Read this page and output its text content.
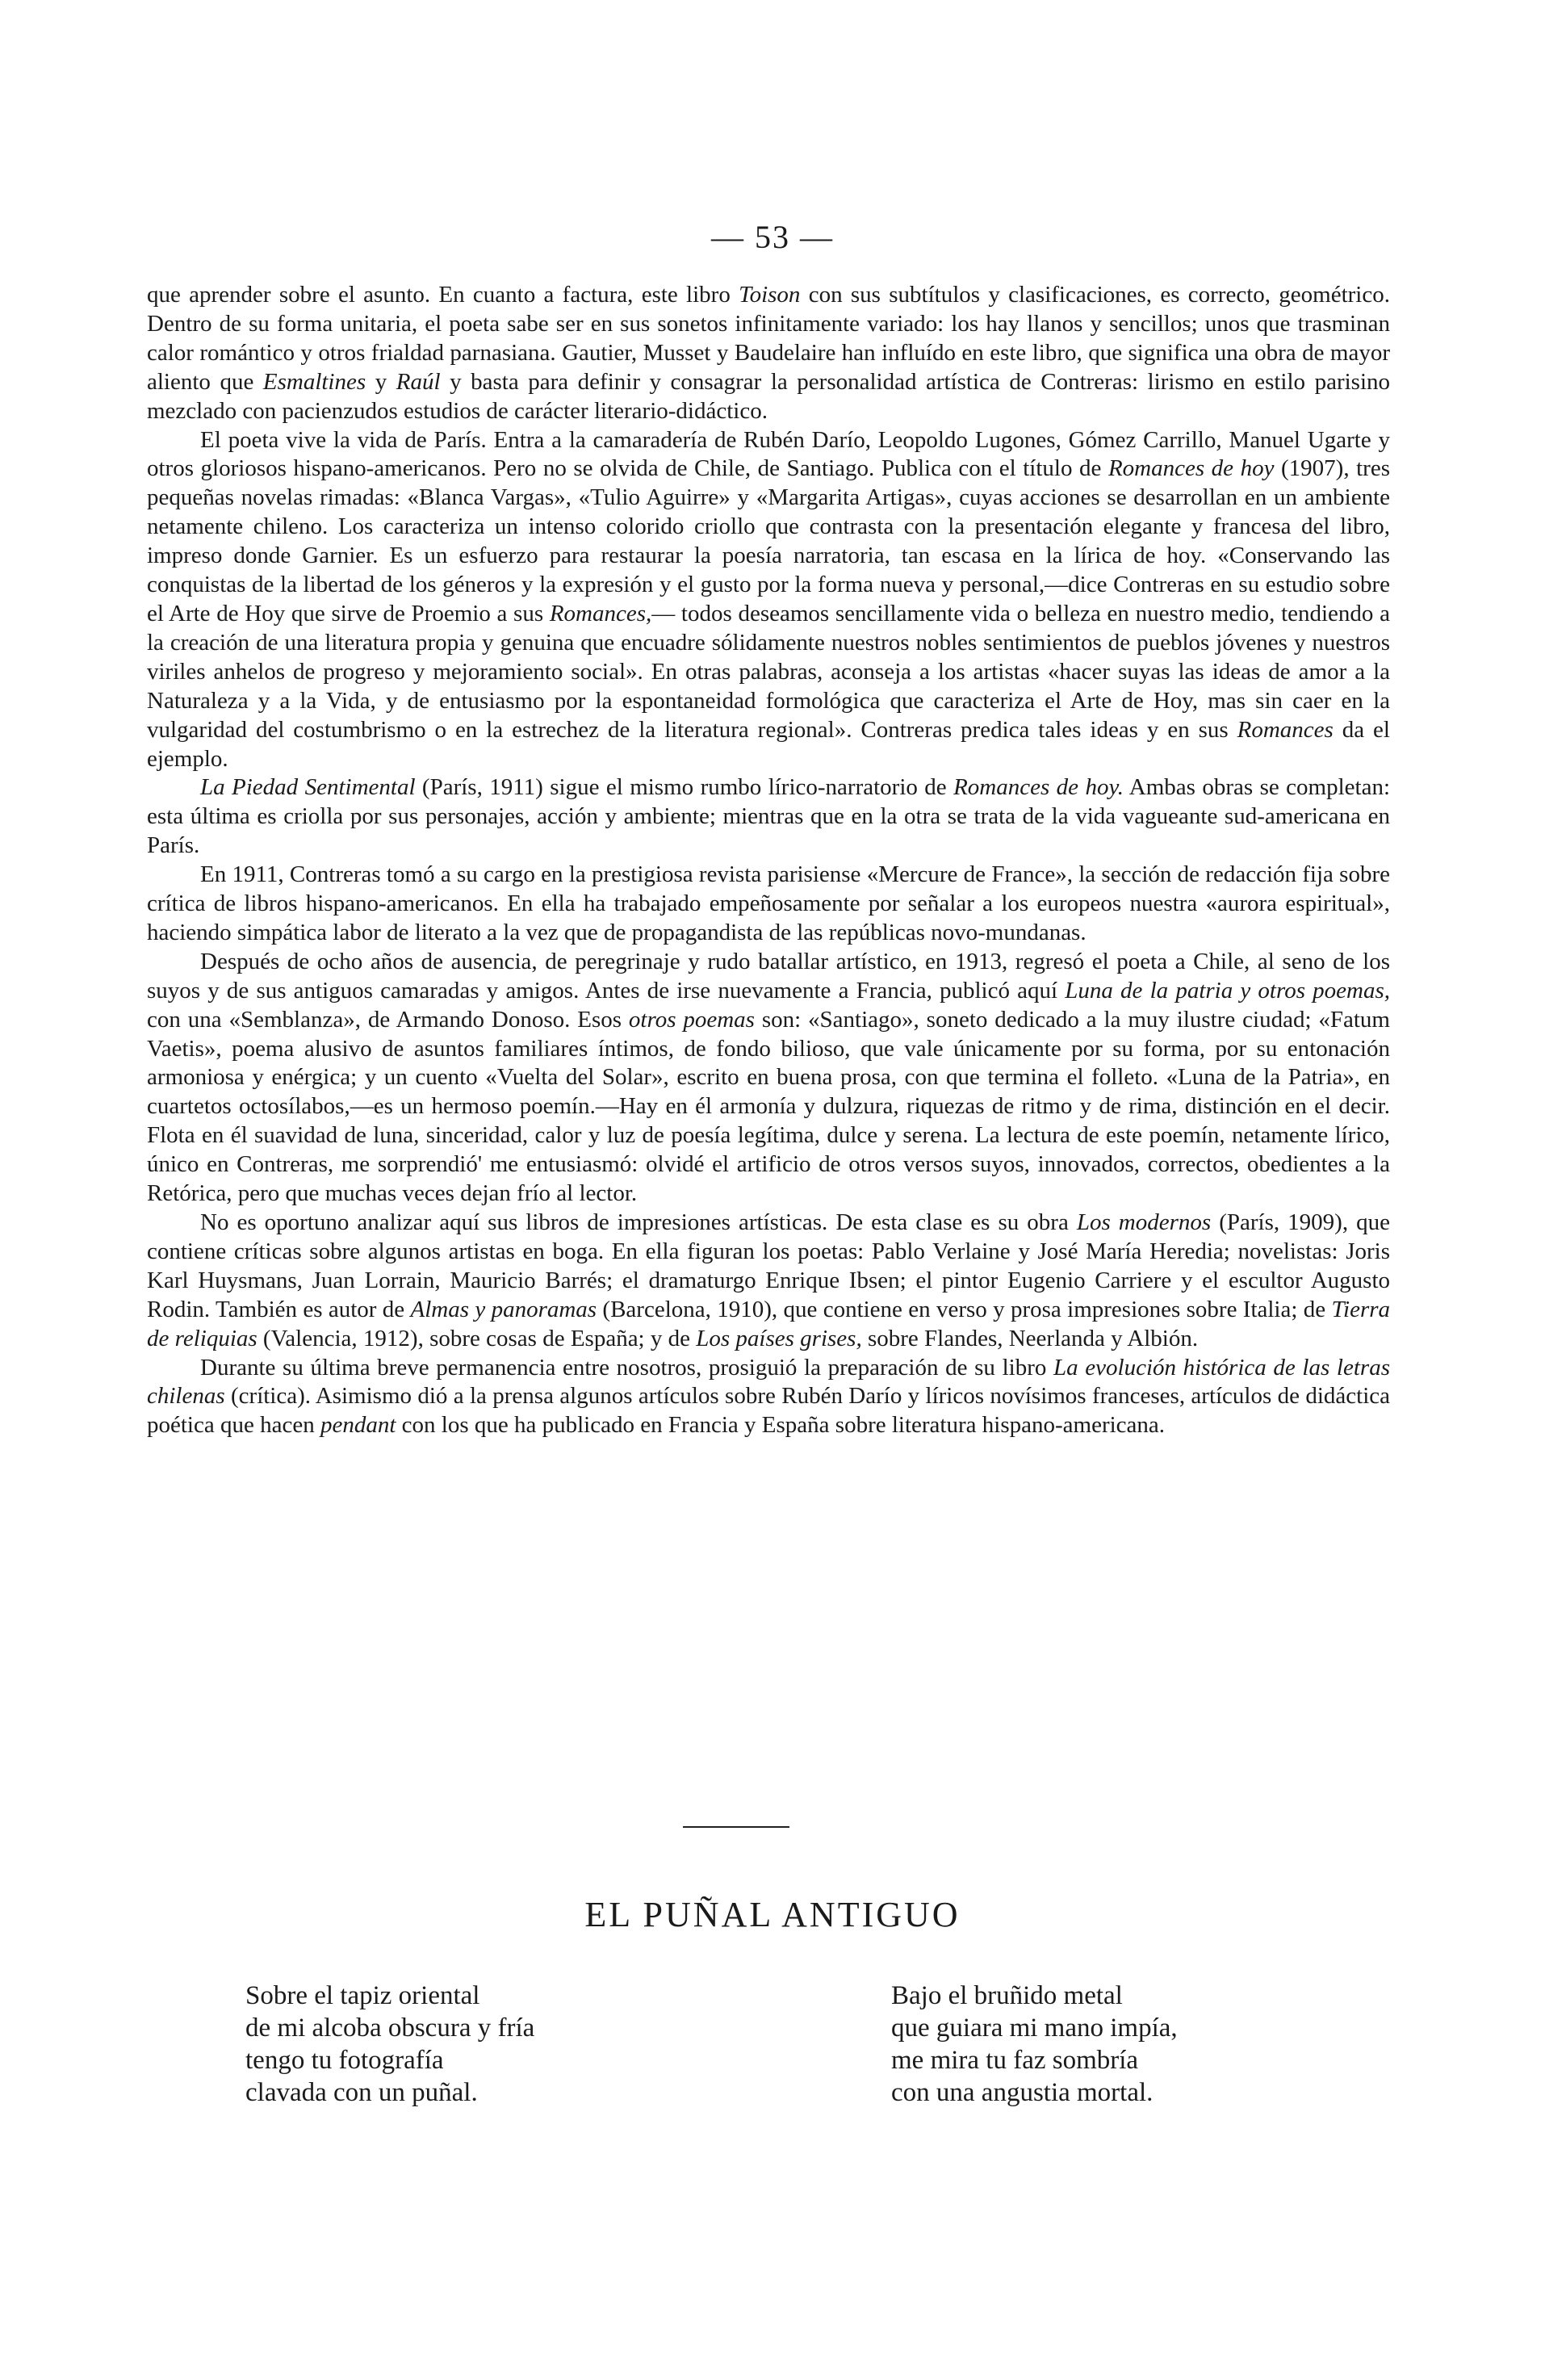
— 53 —

que aprender sobre el asunto. En cuanto a factura, este libro Toison con sus subtítulos y clasificaciones, es correcto, geométrico. Dentro de su forma unitaria, el poeta sabe ser en sus sonetos infinitamente variado: los hay llanos y sencillos; unos que trasminan calor romántico y otros frialdad parnasiana. Gautier, Musset y Baudelaire han influído en este libro, que significa una obra de mayor aliento que Esmaltines y Raúl y basta para definir y consagrar la personalidad artística de Contreras: lirismo en estilo parisino mezclado con pacienzudos estudios de carácter literario-didáctico.

El poeta vive la vida de París. Entra a la camaradería de Rubén Darío, Leopoldo Lugones, Gómez Carrillo, Manuel Ugarte y otros gloriosos hispano-americanos. Pero no se olvida de Chile, de Santiago. Publica con el título de Romances de hoy (1907), tres pequeñas novelas rimadas: «Blanca Vargas», «Tulio Aguirre» y «Margarita Artigas», cuyas acciones se desarrollan en un ambiente netamente chileno. Los caracteriza un intenso colorido criollo que contrasta con la presentación elegante y francesa del libro, impreso donde Garnier. Es un esfuerzo para restaurar la poesía narratoria, tan escasa en la lírica de hoy. «Conservando las conquistas de la libertad de los géneros y la expresión y el gusto por la forma nueva y personal,—dice Contreras en su estudio sobre el Arte de Hoy que sirve de Proemio a sus Romances,— todos deseamos sencillamente vida o belleza en nuestro medio, tendiendo a la creación de una literatura propia y genuina que encuadre sólidamente nuestros nobles sentimientos de pueblos jóvenes y nuestros viriles anhelos de progreso y mejoramiento social». En otras palabras, aconseja a los artistas «hacer suyas las ideas de amor a la Naturaleza y a la Vida, y de entusiasmo por la espontaneidad formológica que caracteriza el Arte de Hoy, mas sin caer en la vulgaridad del costumbrismo o en la estrechez de la literatura regional». Contreras predica tales ideas y en sus Romances da el ejemplo.

La Piedad Sentimental (París, 1911) sigue el mismo rumbo lírico-narratorio de Romances de hoy. Ambas obras se completan: esta última es criolla por sus personajes, acción y ambiente; mientras que en la otra se trata de la vida vagueante sud-americana en París.

En 1911, Contreras tomó a su cargo en la prestigiosa revista parisiense «Mercure de France», la sección de redacción fija sobre crítica de libros hispano-americanos. En ella ha trabajado empeñosamente por señalar a los europeos nuestra «aurora espiritual», haciendo simpática labor de literato a la vez que de propagandista de las repúblicas novo-mundanas.

Después de ocho años de ausencia, de peregrinaje y rudo batallar artístico, en 1913, regresó el poeta a Chile, al seno de los suyos y de sus antiguos camaradas y amigos. Antes de irse nuevamente a Francia, publicó aquí Luna de la patria y otros poemas, con una «Semblanza», de Armando Donoso. Esos otros poemas son: «Santiago», soneto dedicado a la muy ilustre ciudad; «Fatum Vaetis», poema alusivo de asuntos familiares íntimos, de fondo bilioso, que vale únicamente por su forma, por su entonación armoniosa y enérgica; y un cuento «Vuelta del Solar», escrito en buena prosa, con que termina el folleto. «Luna de la Patria», en cuartetos octosílabos,—es un hermoso poemín.—Hay en él armonía y dulzura, riquezas de ritmo y de rima, distinción en el decir. Flota en él suavidad de luna, sinceridad, calor y luz de poesía legítima, dulce y serena. La lectura de este poemín, netamente lírico, único en Contreras, me sorprendió' me entusiasmó: olvidé el artificio de otros versos suyos, innovados, correctos, obedientes a la Retórica, pero que muchas veces dejan frío al lector.

No es oportuno analizar aquí sus libros de impresiones artísticas. De esta clase es su obra Los modernos (París, 1909), que contiene críticas sobre algunos artistas en boga. En ella figuran los poetas: Pablo Verlaine y José María Heredia; novelistas: Joris Karl Huysmans, Juan Lorrain, Mauricio Barrés; el dramaturgo Enrique Ibsen; el pintor Eugenio Carriere y el escultor Augusto Rodin. También es autor de Almas y panoramas (Barcelona, 1910), que contiene en verso y prosa impresiones sobre Italia; de Tierra de reliquias (Valencia, 1912), sobre cosas de España; y de Los países grises, sobre Flandes, Neerlanda y Albión.

Durante su última breve permanencia entre nosotros, prosiguió la preparación de su libro La evolución histórica de las letras chilenas (crítica). Asimismo dió a la prensa algunos artículos sobre Rubén Darío y líricos novísimos franceses, artículos de didáctica poética que hacen pendant con los que ha publicado en Francia y España sobre literatura hispano-americana.

EL PUÑAL ANTIGUO
Sobre el tapiz oriental
de mi alcoba obscura y fría
tengo tu fotografía
clavada con un puñal.
Bajo el bruñido metal
que guiara mi mano impía,
me mira tu faz sombría
con una angustia mortal.
